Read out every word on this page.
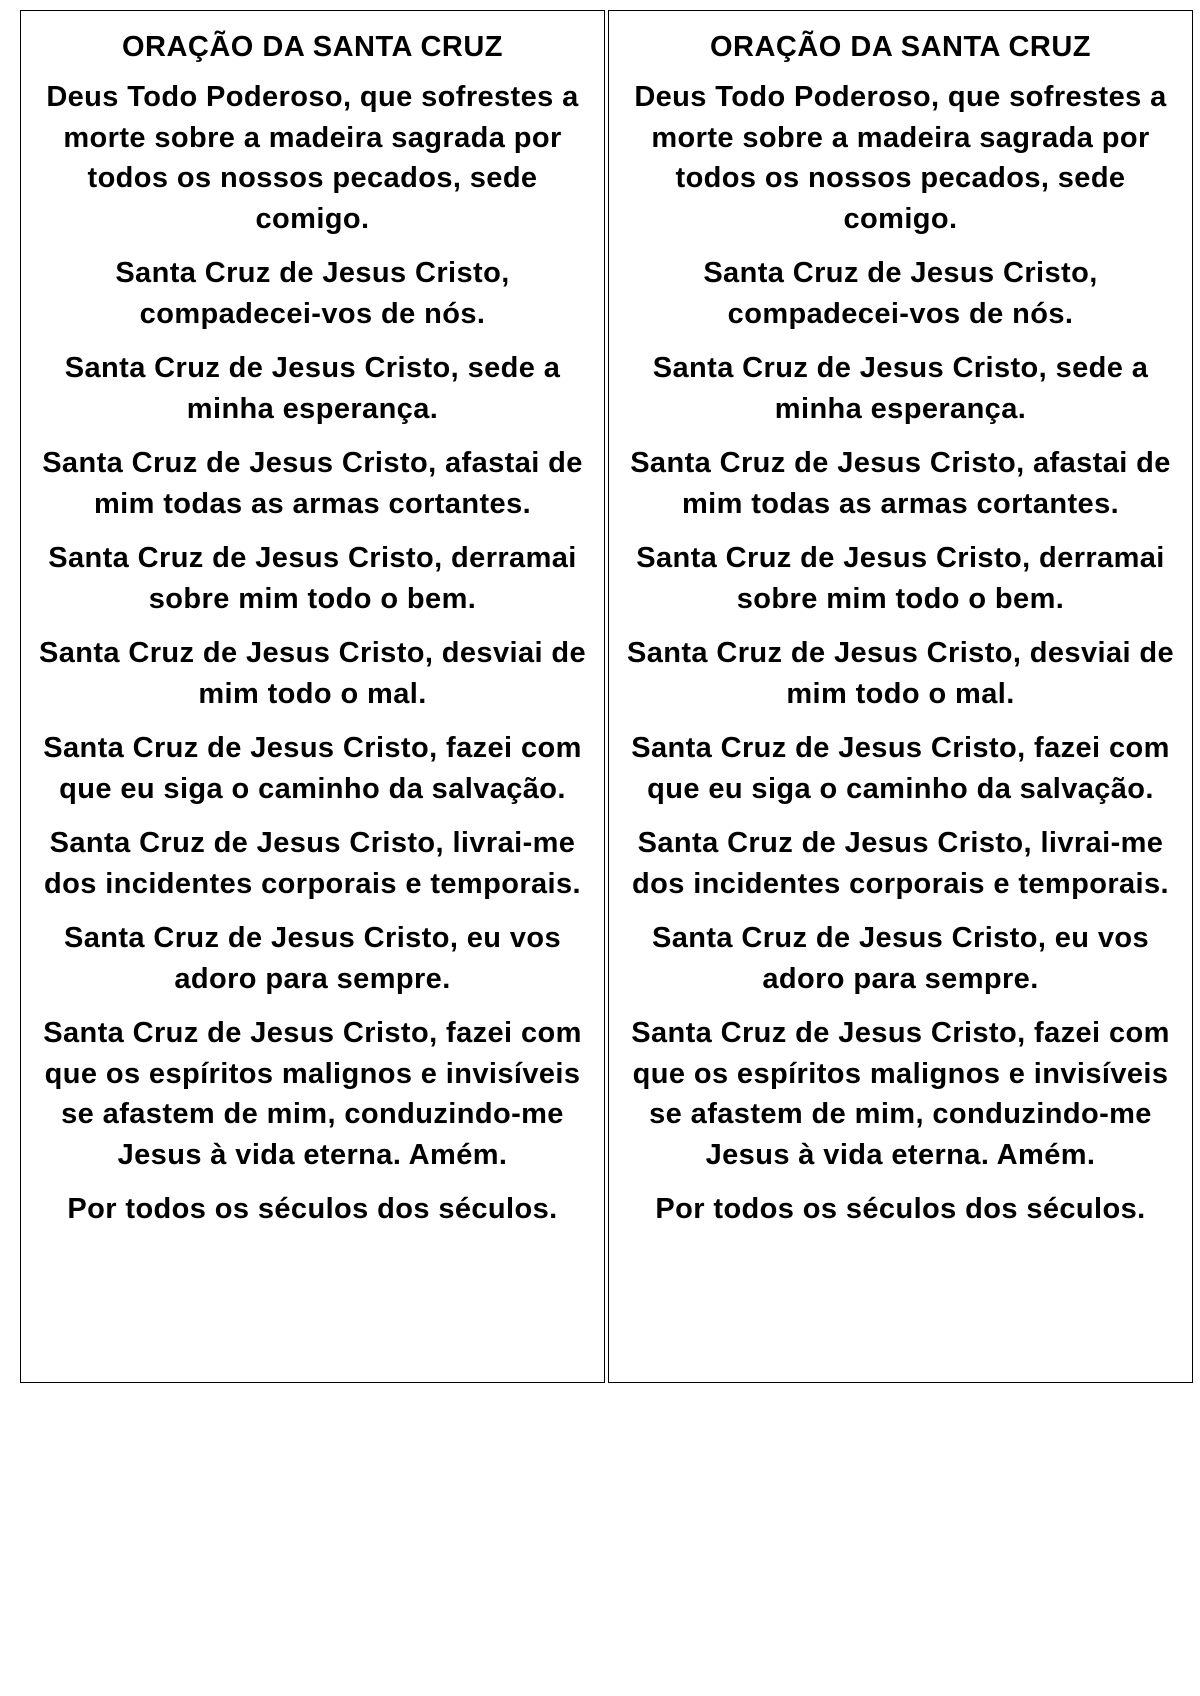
ORAÇÃO DA SANTA CRUZ

Deus Todo Poderoso, que sofrestes a morte sobre a madeira sagrada por todos os nossos pecados, sede comigo.

Santa Cruz de Jesus Cristo, compadecei-vos de nós.

Santa Cruz de Jesus Cristo, sede a minha esperança.

Santa Cruz de Jesus Cristo, afastai de mim todas as armas cortantes.

Santa Cruz de Jesus Cristo, derramai sobre mim todo o bem.

Santa Cruz de Jesus Cristo, desviai de mim todo o mal.

Santa Cruz de Jesus Cristo, fazei com que eu siga o caminho da salvação.

Santa Cruz de Jesus Cristo, livrai-me dos incidentes corporais e temporais.

Santa Cruz de Jesus Cristo, eu vos adoro para sempre.

Santa Cruz de Jesus Cristo, fazei com que os espíritos malignos e invisíveis se afastem de mim, conduzindo-me Jesus à vida eterna. Amém.

Por todos os séculos dos séculos.

ORAÇÃO DA SANTA CRUZ

Deus Todo Poderoso, que sofrestes a morte sobre a madeira sagrada por todos os nossos pecados, sede comigo.

Santa Cruz de Jesus Cristo, compadecei-vos de nós.

Santa Cruz de Jesus Cristo, sede a minha esperança.

Santa Cruz de Jesus Cristo, afastai de mim todas as armas cortantes.

Santa Cruz de Jesus Cristo, derramai sobre mim todo o bem.

Santa Cruz de Jesus Cristo, desviai de mim todo o mal.

Santa Cruz de Jesus Cristo, fazei com que eu siga o caminho da salvação.

Santa Cruz de Jesus Cristo, livrai-me dos incidentes corporais e temporais.

Santa Cruz de Jesus Cristo, eu vos adoro para sempre.

Santa Cruz de Jesus Cristo, fazei com que os espíritos malignos e invisíveis se afastem de mim, conduzindo-me Jesus à vida eterna. Amém.

Por todos os séculos dos séculos.
